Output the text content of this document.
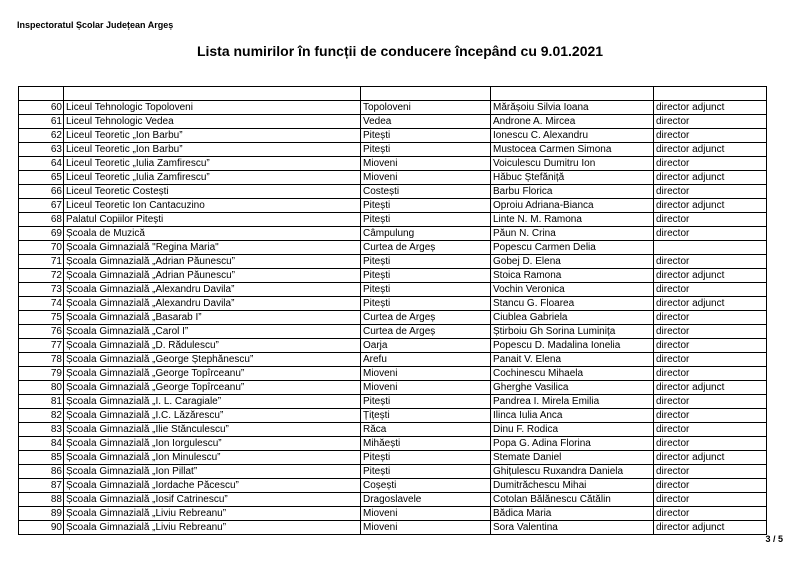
Inspectoratul Școlar Județean Argeș
Lista numirilor în funcții de conducere începând cu 9.01.2021

60	Liceul Tehnologic Topoloveni	Topoloveni	Mărășoiu Silvia Ioana	director adjunct
61	Liceul Tehnologic Vedea	Vedea	Androne A. Mircea	director
62	Liceul Teoretic „Ion Barbu”	Pitești	Ionescu C. Alexandru	director
63	Liceul Teoretic „Ion Barbu”	Pitești	Mustocea Carmen Simona	director adjunct
64	Liceul Teoretic „Iulia Zamfirescu”	Mioveni	Voiculescu Dumitru Ion	director
65	Liceul Teoretic „Iulia Zamfirescu”	Mioveni	Hăbuc Ștefăniță	director adjunct
66	Liceul Teoretic Costești	Costești	Barbu Florica	director
67	Liceul Teoretic Ion Cantacuzino	Pitești	Oproiu Adriana-Bianca	director adjunct
68	Palatul Copiilor Pitești	Pitești	Linte N. M. Ramona	director
69	Școala de Muzică	Câmpulung	Păun N. Crina	director
70	Școala Gimnazială "Regina Maria"	Curtea de Argeș	Popescu Carmen Delia	
71	Școala Gimnazială „Adrian Păunescu”	Pitești	Gobej D. Elena	director
72	Școala Gimnazială „Adrian Păunescu”	Pitești	Stoica Ramona	director adjunct
73	Școala Gimnazială „Alexandru Davila”	Pitești	Vochin Veronica	director
74	Școala Gimnazială „Alexandru Davila”	Pitești	Stancu G. Floarea	director adjunct
75	Școala Gimnazială „Basarab I”	Curtea de Argeș	Ciublea Gabriela	director
76	Școala Gimnazială „Carol I”	Curtea de Argeș	Știrboiu Gh Sorina Luminița	director
77	Școala Gimnazială „D. Rădulescu”	Oarja	Popescu D. Madalina Ionelia	director
78	Școala Gimnazială „George Ștephănescu”	Arefu	Panait V. Elena	director
79	Școala Gimnazială „George Topîrceanu”	Mioveni	Cochinescu Mihaela	director
80	Școala Gimnazială „George Topîrceanu”	Mioveni	Gherghe Vasilica	director adjunct
81	Școala Gimnazială „I. L. Caragiale”	Pitești	Pandrea I. Mirela Emilia	director
82	Școala Gimnazială „I.C. Lăzărescu”	Țițești	Ilinca Iulia Anca	director
83	Școala Gimnazială „Ilie Stănculescu”	Răca	Dinu F. Rodica	director
84	Școala Gimnazială „Ion Iorgulescu”	Mihăești	Popa G. Adina Florina	director
85	Școala Gimnazială „Ion Minulescu”	Pitești	Stemate Daniel	director adjunct
86	Școala Gimnazială „Ion Pillat”	Pitești	Ghițulescu Ruxandra Daniela	director
87	Școala Gimnazială „Iordache Păcescu”	Coșești	Dumitrăchescu Mihai	director
88	Școala Gimnazială „Iosif Catrinescu”	Dragoslavele	Cotolan Bălănescu Cătălin	director
89	Școala Gimnazială „Liviu Rebreanu”	Mioveni	Bădica Maria	director
90	Școala Gimnazială „Liviu Rebreanu”	Mioveni	Sora Valentina	director adjunct
3 / 5
